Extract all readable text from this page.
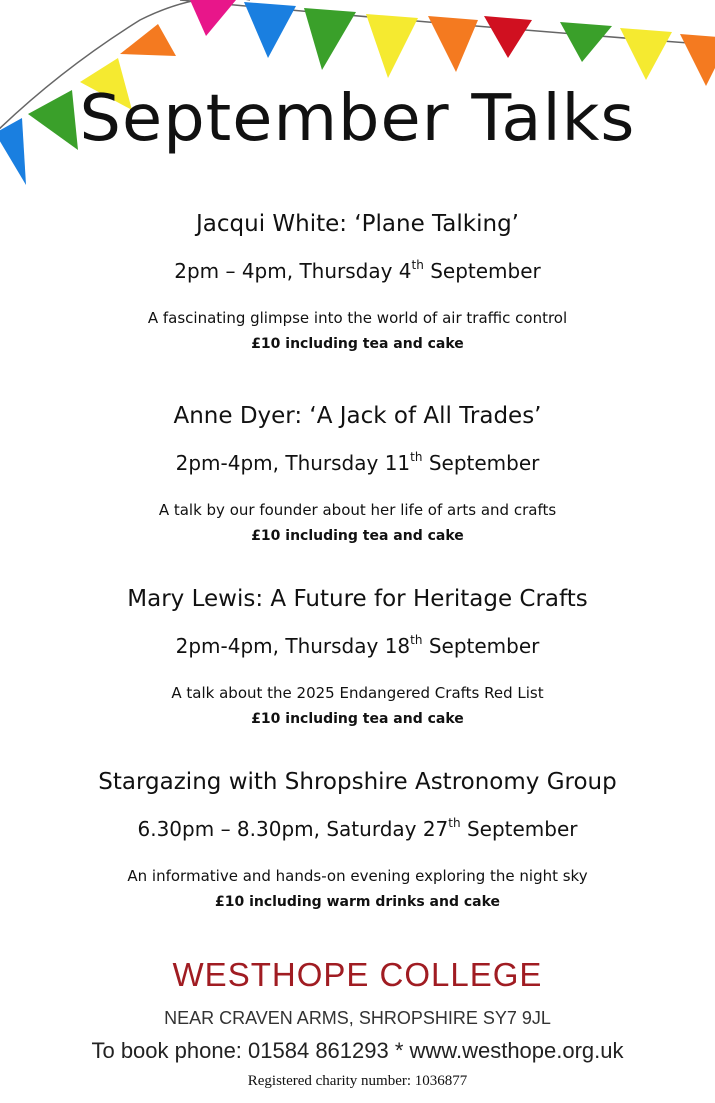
September Talks
Jacqui White: ‘Plane Talking’
2pm – 4pm, Thursday 4th September
A fascinating glimpse into the world of air traffic control
£10 including tea and cake
Anne Dyer: ‘A Jack of All Trades’
2pm-4pm, Thursday 11th September
A talk by our founder about her life of arts and crafts
£10 including tea and cake
Mary Lewis: A Future for Heritage Crafts
2pm-4pm, Thursday 18th September
A talk about the 2025 Endangered Crafts Red List
£10 including tea and cake
Stargazing with Shropshire Astronomy Group
6.30pm – 8.30pm, Saturday 27th September
An informative and hands-on evening exploring the night sky
£10 including warm drinks and cake
WESTHOPE COLLEGE
NEAR CRAVEN ARMS, SHROPSHIRE SY7 9JL
To book phone: 01584 861293 * www.westhope.org.uk
Registered charity number: 1036877
